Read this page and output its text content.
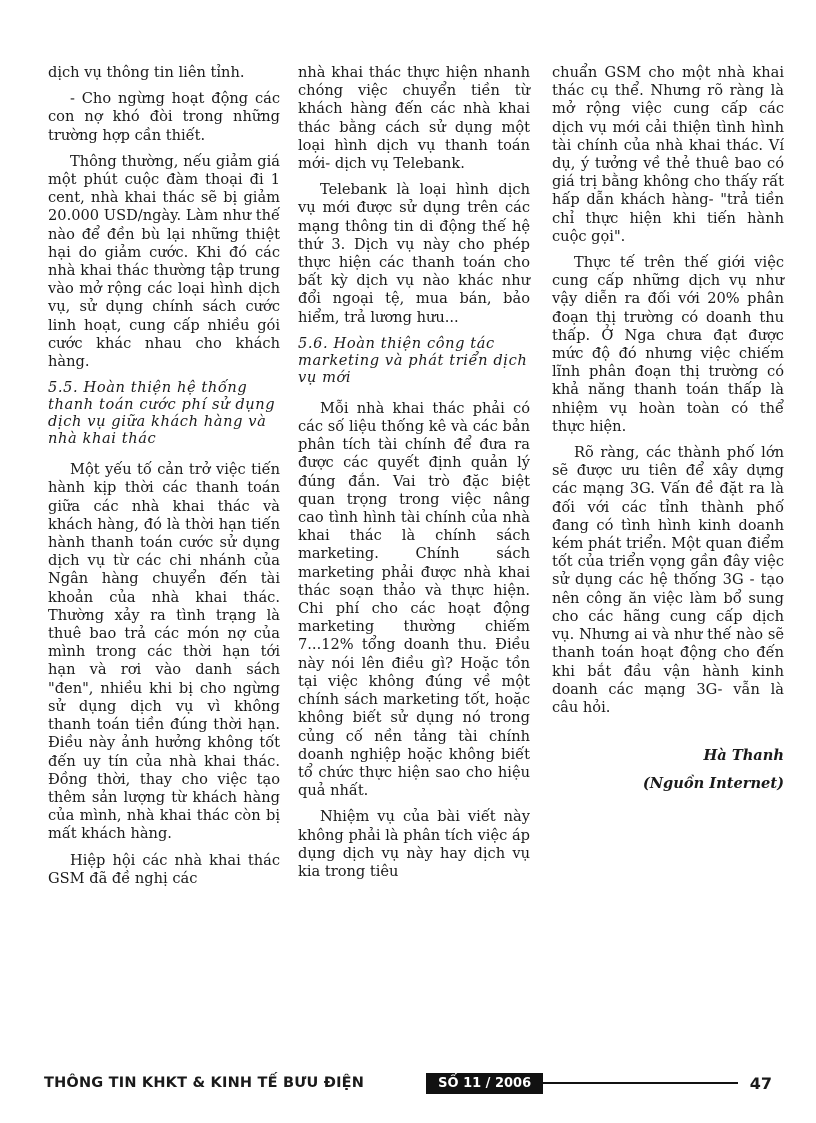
dịch vụ thông tin liên tỉnh.

- Cho ngừng hoạt động các con nợ khó đòi trong những trường hợp cần thiết.

Thông thường, nếu giảm giá một phút cuộc đàm thoại đi 1 cent, nhà khai thác sẽ bị giảm 20.000 USD/ngày. Làm như thế nào để đền bù lại những thiệt hại do giảm cước. Khi đó các nhà khai thác thường tập trung vào mở rộng các loại hình dịch vụ, sử dụng chính sách cước linh hoạt, cung cấp nhiều gói cước khác nhau cho khách hàng.

5.5. Hoàn thiện hệ thống thanh toán cước phí sử dụng dịch vụ giữa khách hàng và nhà khai thác

Một yếu tố cản trở việc tiến hành kịp thời các thanh toán giữa các nhà khai thác và khách hàng, đó là thời hạn tiến hành thanh toán cước sử dụng dịch vụ từ các chi nhánh của Ngân hàng chuyển đến tài khoản của nhà khai thác. Thường xảy ra tình trạng là thuê bao trả các món nợ của mình trong các thời hạn tới hạn và rơi vào danh sách "đen", nhiều khi bị cho ngừng sử dụng dịch vụ vì không thanh toán tiền đúng thời hạn. Điều này ảnh hưởng không tốt đến uy tín của nhà khai thác. Đồng thời, thay cho việc tạo thêm sản lượng từ khách hàng của mình, nhà khai thác còn bị mất khách hàng.

Hiệp hội các nhà khai thác GSM đã đề nghị các

nhà khai thác thực hiện nhanh chóng việc chuyển tiền từ khách hàng đến các nhà khai thác bằng cách sử dụng một loại hình dịch vụ thanh toán mới- dịch vụ Telebank.

Telebank là loại hình dịch vụ mới được sử dụng trên các mạng thông tin di động thế hệ thứ 3. Dịch vụ này cho phép thực hiện các thanh toán cho bất kỳ dịch vụ nào khác như đổi ngoại tệ, mua bán, bảo hiểm, trả lương hưu...

5.6. Hoàn thiện công tác marketing và phát triển dịch vụ mới

Mỗi nhà khai thác phải có các số liệu thống kê và các bản phân tích tài chính để đưa ra được các quyết định quản lý đúng đắn. Vai trò đặc biệt quan trọng trong việc nâng cao tình hình tài chính của nhà khai thác là chính sách marketing. Chính sách marketing phải được nhà khai thác soạn thảo và thực hiện. Chi phí cho các hoạt động marketing thường chiếm 7...12% tổng doanh thu. Điều này nói lên điều gì? Hoặc tồn tại việc không đúng về một chính sách marketing tốt, hoặc không biết sử dụng nó trong củng cố nền tảng tài chính doanh nghiệp hoặc không biết tổ chức thực hiện sao cho hiệu quả nhất.

Nhiệm vụ của bài viết này không phải là phân tích việc áp dụng dịch vụ này hay dịch vụ kia trong tiêu

chuẩn GSM cho một nhà khai thác cụ thể. Nhưng rõ ràng là mở rộng việc cung cấp các dịch vụ mới cải thiện tình hình tài chính của nhà khai thác. Ví dụ, ý tưởng về thẻ thuê bao có giá trị bằng không cho thấy rất hấp dẫn khách hàng- "trả tiền chỉ thực hiện khi tiến hành cuộc gọi".

Thực tế trên thế giới việc cung cấp những dịch vụ như vậy diễn ra đối với 20% phân đoạn thị trường có doanh thu thấp. Ở Nga chưa đạt được mức độ đó nhưng việc chiếm lĩnh phân đoạn thị trường có khả năng thanh toán thấp là nhiệm vụ hoàn toàn có thể thực hiện.

Rõ ràng, các thành phố lớn sẽ được ưu tiên để xây dựng các mạng 3G. Vấn đề đặt ra là đối với các tỉnh thành phố đang có tình hình kinh doanh kém phát triển. Một quan điểm tốt của triển vọng gần đây việc sử dụng các hệ thống 3G - tạo nên công ăn việc làm bổ sung cho các hãng cung cấp dịch vụ. Nhưng ai và như thế nào sẽ thanh toán hoạt động cho đến khi bắt đầu vận hành kinh doanh các mạng 3G- vẫn là câu hỏi.

Hà Thanh
(Nguồn Internet)
THÔNG TIN KHKT & KINH TẾ BƯU ĐIỆN	SỐ 11 / 2006	47
